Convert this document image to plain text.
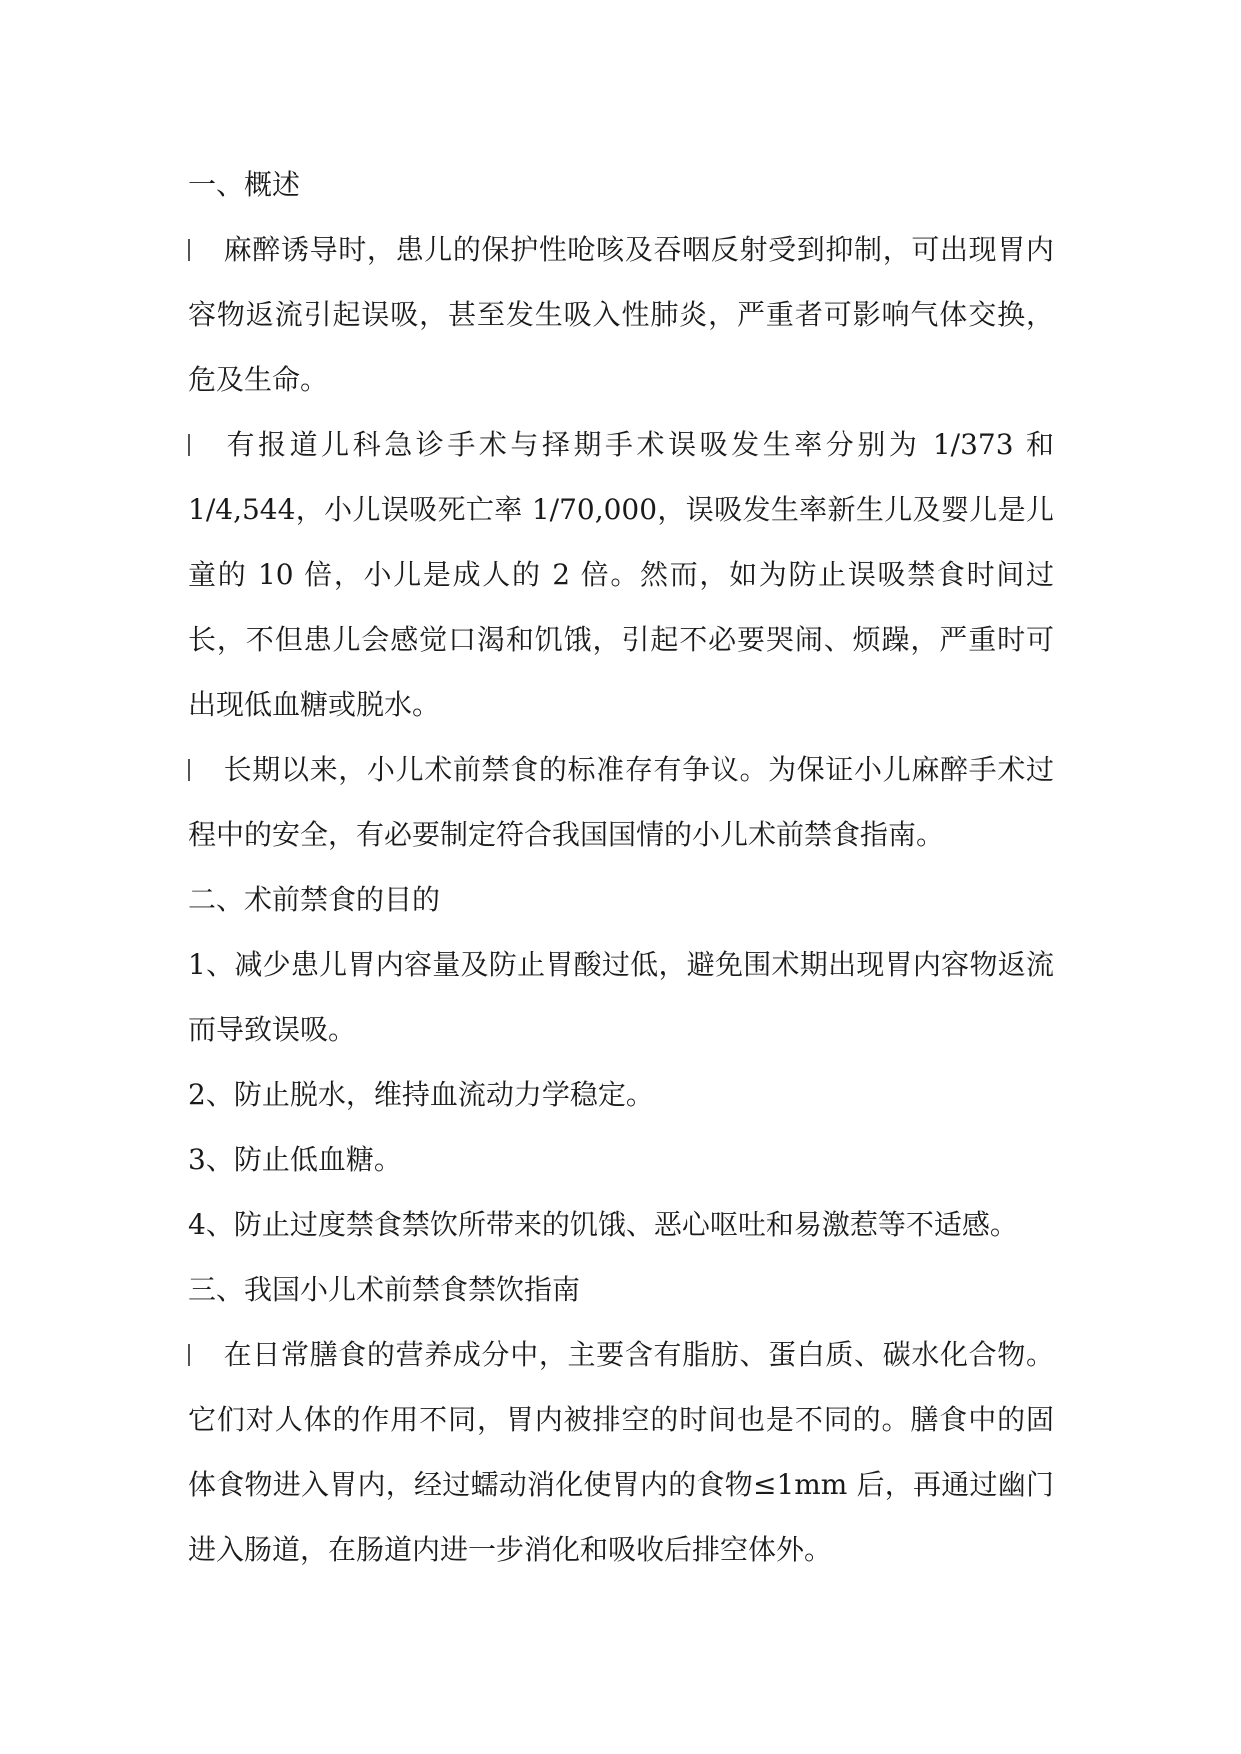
一、概述

麻醉诱导时，患儿的保护性呛咳及吞咽反射受到抑制，可出现胃内容物返流引起误吸，甚至发生吸入性肺炎，严重者可影响气体交换，危及生命。

有报道儿科急诊手术与择期手术误吸发生率分别为 1/373 和 1/4,544，小儿误吸死亡率 1/70,000，误吸发生率新生儿及婴儿是儿童的 10 倍，小儿是成人的 2 倍。然而，如为防止误吸禁食时间过长，不但患儿会感觉口渴和饥饿，引起不必要哭闹、烦躁，严重时可出现低血糖或脱水。

长期以来，小儿术前禁食的标准存有争议。为保证小儿麻醉手术过程中的安全，有必要制定符合我国国情的小儿术前禁食指南。

二、术前禁食的目的

1、减少患儿胃内容量及防止胃酸过低，避免围术期出现胃内容物返流而导致误吸。

2、防止脱水，维持血流动力学稳定。

3、防止低血糖。

4、防止过度禁食禁饮所带来的饥饿、恶心呕吐和易激惹等不适感。

三、我国小儿术前禁食禁饮指南

在日常膳食的营养成分中，主要含有脂肪、蛋白质、碳水化合物。它们对人体的作用不同，胃内被排空的时间也是不同的。膳食中的固体食物进入胃内，经过蠕动消化使胃内的食物≤1mm 后，再通过幽门进入肠道，在肠道内进一步消化和吸收后排空体外。
